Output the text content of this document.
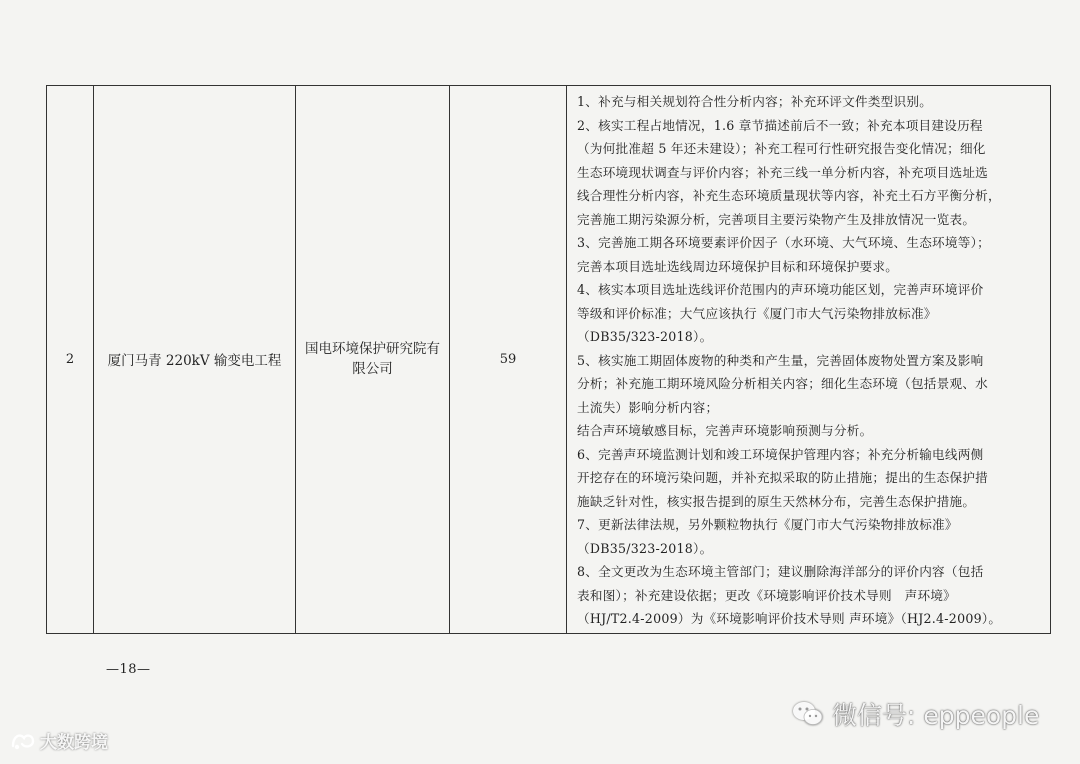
2	厦门马青 220kV 输变电工程	国电环境保护研究院有限公司	59	
1、补充与相关规划符合性分析内容；补充环评文件类型识别。
2、核实工程占地情况，1.6 章节描述前后不一致；补充本项目建设历程
（为何批准超 5 年还未建设）；补充工程可行性研究报告变化情况；细化
生态环境现状调查与评价内容；补充三线一单分析内容，补充项目选址选
线合理性分析内容，补充生态环境质量现状等内容，补充土石方平衡分析，
完善施工期污染源分析，完善项目主要污染物产生及排放情况一览表。
3、完善施工期各环境要素评价因子（水环境、大气环境、生态环境等）；
完善本项目选址选线周边环境保护目标和环境保护要求。
4、核实本项目选址选线评价范围内的声环境功能区划，完善声环境评价
等级和评价标准；大气应该执行《厦门市大气污染物排放标准》
（DB35/323-2018）。
5、核实施工期固体废物的种类和产生量，完善固体废物处置方案及影响
分析；补充施工期环境风险分析相关内容；细化生态环境（包括景观、水
土流失）影响分析内容；
结合声环境敏感目标，完善声环境影响预测与分析。
6、完善声环境监测计划和竣工环境保护管理内容；补充分析输电线两侧
开挖存在的环境污染问题，并补充拟采取的防止措施；提出的生态保护措
施缺乏针对性，核实报告提到的原生天然林分布，完善生态保护措施。
7、更新法律法规，另外颗粒物执行《厦门市大气污染物排放标准》
（DB35/323-2018）。
8、全文更改为生态环境主管部门；建议删除海洋部分的评价内容（包括
表和图）；补充建设依据；更改《环境影响评价技术导则　声环境》
（HJ/T2.4-2009）为《环境影响评价技术导则 声环境》（HJ2.4-2009）。
—18—
大数跨境
微信号: eppeople
